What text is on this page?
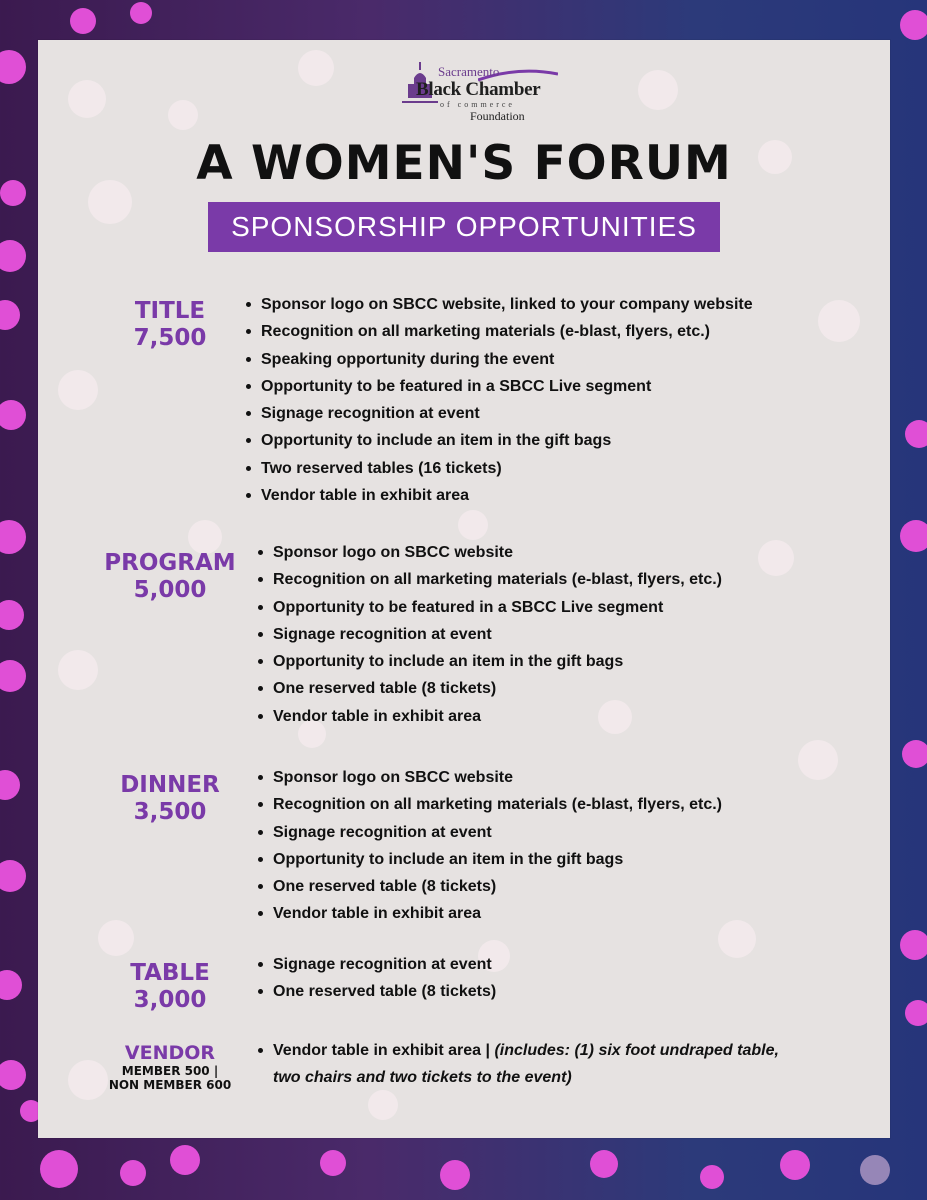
Sacramento
Black Chamber
of commerce
Foundation
A WOMEN'S FORUM
SPONSORSHIP OPPORTUNITIES
TITLE
7,500
Sponsor logo on SBCC website, linked to your company website
Recognition on all marketing materials (e-blast, flyers, etc.)
Speaking opportunity during the event
Opportunity to be featured in a SBCC Live segment
Signage recognition at event
Opportunity to include an item in the gift bags
Two reserved tables (16 tickets)
Vendor table in exhibit area
PROGRAM
5,000
Sponsor logo on SBCC website
Recognition on all marketing materials (e-blast, flyers, etc.)
Opportunity to be featured in a SBCC Live segment
Signage recognition at event
Opportunity to include an item in the gift bags
One reserved table (8 tickets)
Vendor table in exhibit area
DINNER
3,500
Sponsor logo on SBCC website
Recognition on all marketing materials (e-blast, flyers, etc.)
Signage recognition at event
Opportunity to include an item in the gift bags
One reserved table (8 tickets)
Vendor table in exhibit area
TABLE
3,000
Signage recognition at event
One reserved table (8 tickets)
VENDOR
MEMBER 500 |
NON MEMBER 600
Vendor table in exhibit area | (includes: (1) six foot undraped table,
two chairs and two tickets to the event)
